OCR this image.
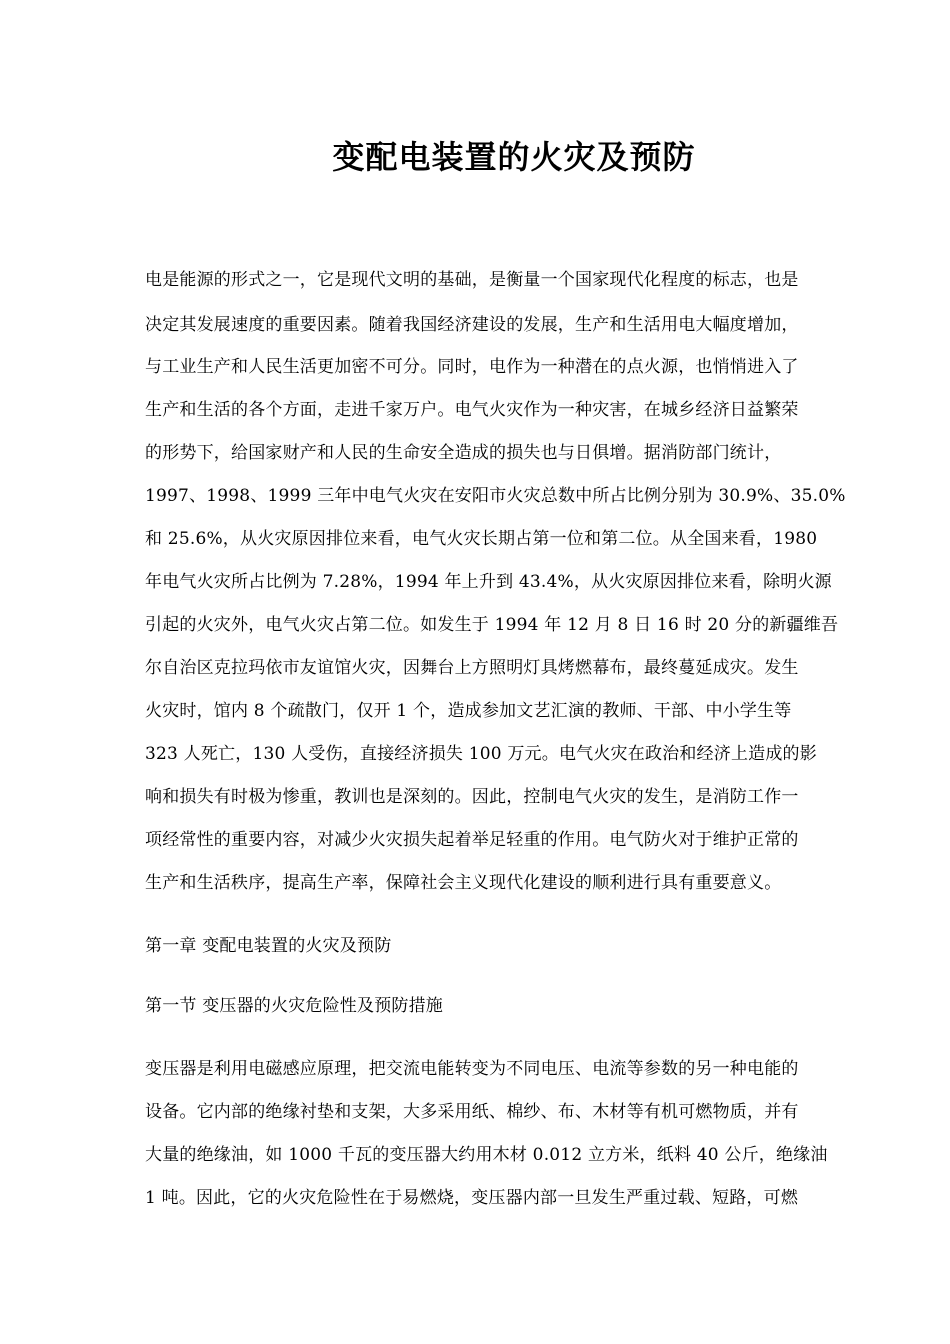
变配电装置的火灾及预防
电是能源的形式之一，它是现代文明的基础，是衡量一个国家现代化程度的标志，也是
决定其发展速度的重要因素。随着我国经济建设的发展，生产和生活用电大幅度增加，
与工业生产和人民生活更加密不可分。同时，电作为一种潜在的点火源，也悄悄进入了
生产和生活的各个方面，走进千家万户。电气火灾作为一种灾害，在城乡经济日益繁荣
的形势下，给国家财产和人民的生命安全造成的损失也与日俱增。据消防部门统计，
1997、1998、1999 三年中电气火灾在安阳市火灾总数中所占比例分别为 30.9%、35.0%
和 25.6%，从火灾原因排位来看，电气火灾长期占第一位和第二位。从全国来看，1980
年电气火灾所占比例为 7.28%，1994 年上升到 43.4%，从火灾原因排位来看，除明火源
引起的火灾外，电气火灾占第二位。如发生于 1994 年 12 月 8 日 16 时 20 分的新疆维吾
尔自治区克拉玛依市友谊馆火灾，因舞台上方照明灯具烤燃幕布，最终蔓延成灾。发生
火灾时，馆内 8 个疏散门，仅开 1 个，造成参加文艺汇演的教师、干部、中小学生等
323 人死亡，130 人受伤，直接经济损失 100 万元。电气火灾在政治和经济上造成的影
响和损失有时极为惨重，教训也是深刻的。因此，控制电气火灾的发生，是消防工作一
项经常性的重要内容，对减少火灾损失起着举足轻重的作用。电气防火对于维护正常的
生产和生活秩序，提高生产率，保障社会主义现代化建设的顺利进行具有重要意义。
第一章 变配电装置的火灾及预防
第一节 变压器的火灾危险性及预防措施
变压器是利用电磁感应原理，把交流电能转变为不同电压、电流等参数的另一种电能的
设备。它内部的绝缘衬垫和支架，大多采用纸、棉纱、布、木材等有机可燃物质，并有
大量的绝缘油，如 1000 千瓦的变压器大约用木材 0.012 立方米，纸料 40 公斤，绝缘油
1 吨。因此，它的火灾危险性在于易燃烧，变压器内部一旦发生严重过载、短路，可燃
